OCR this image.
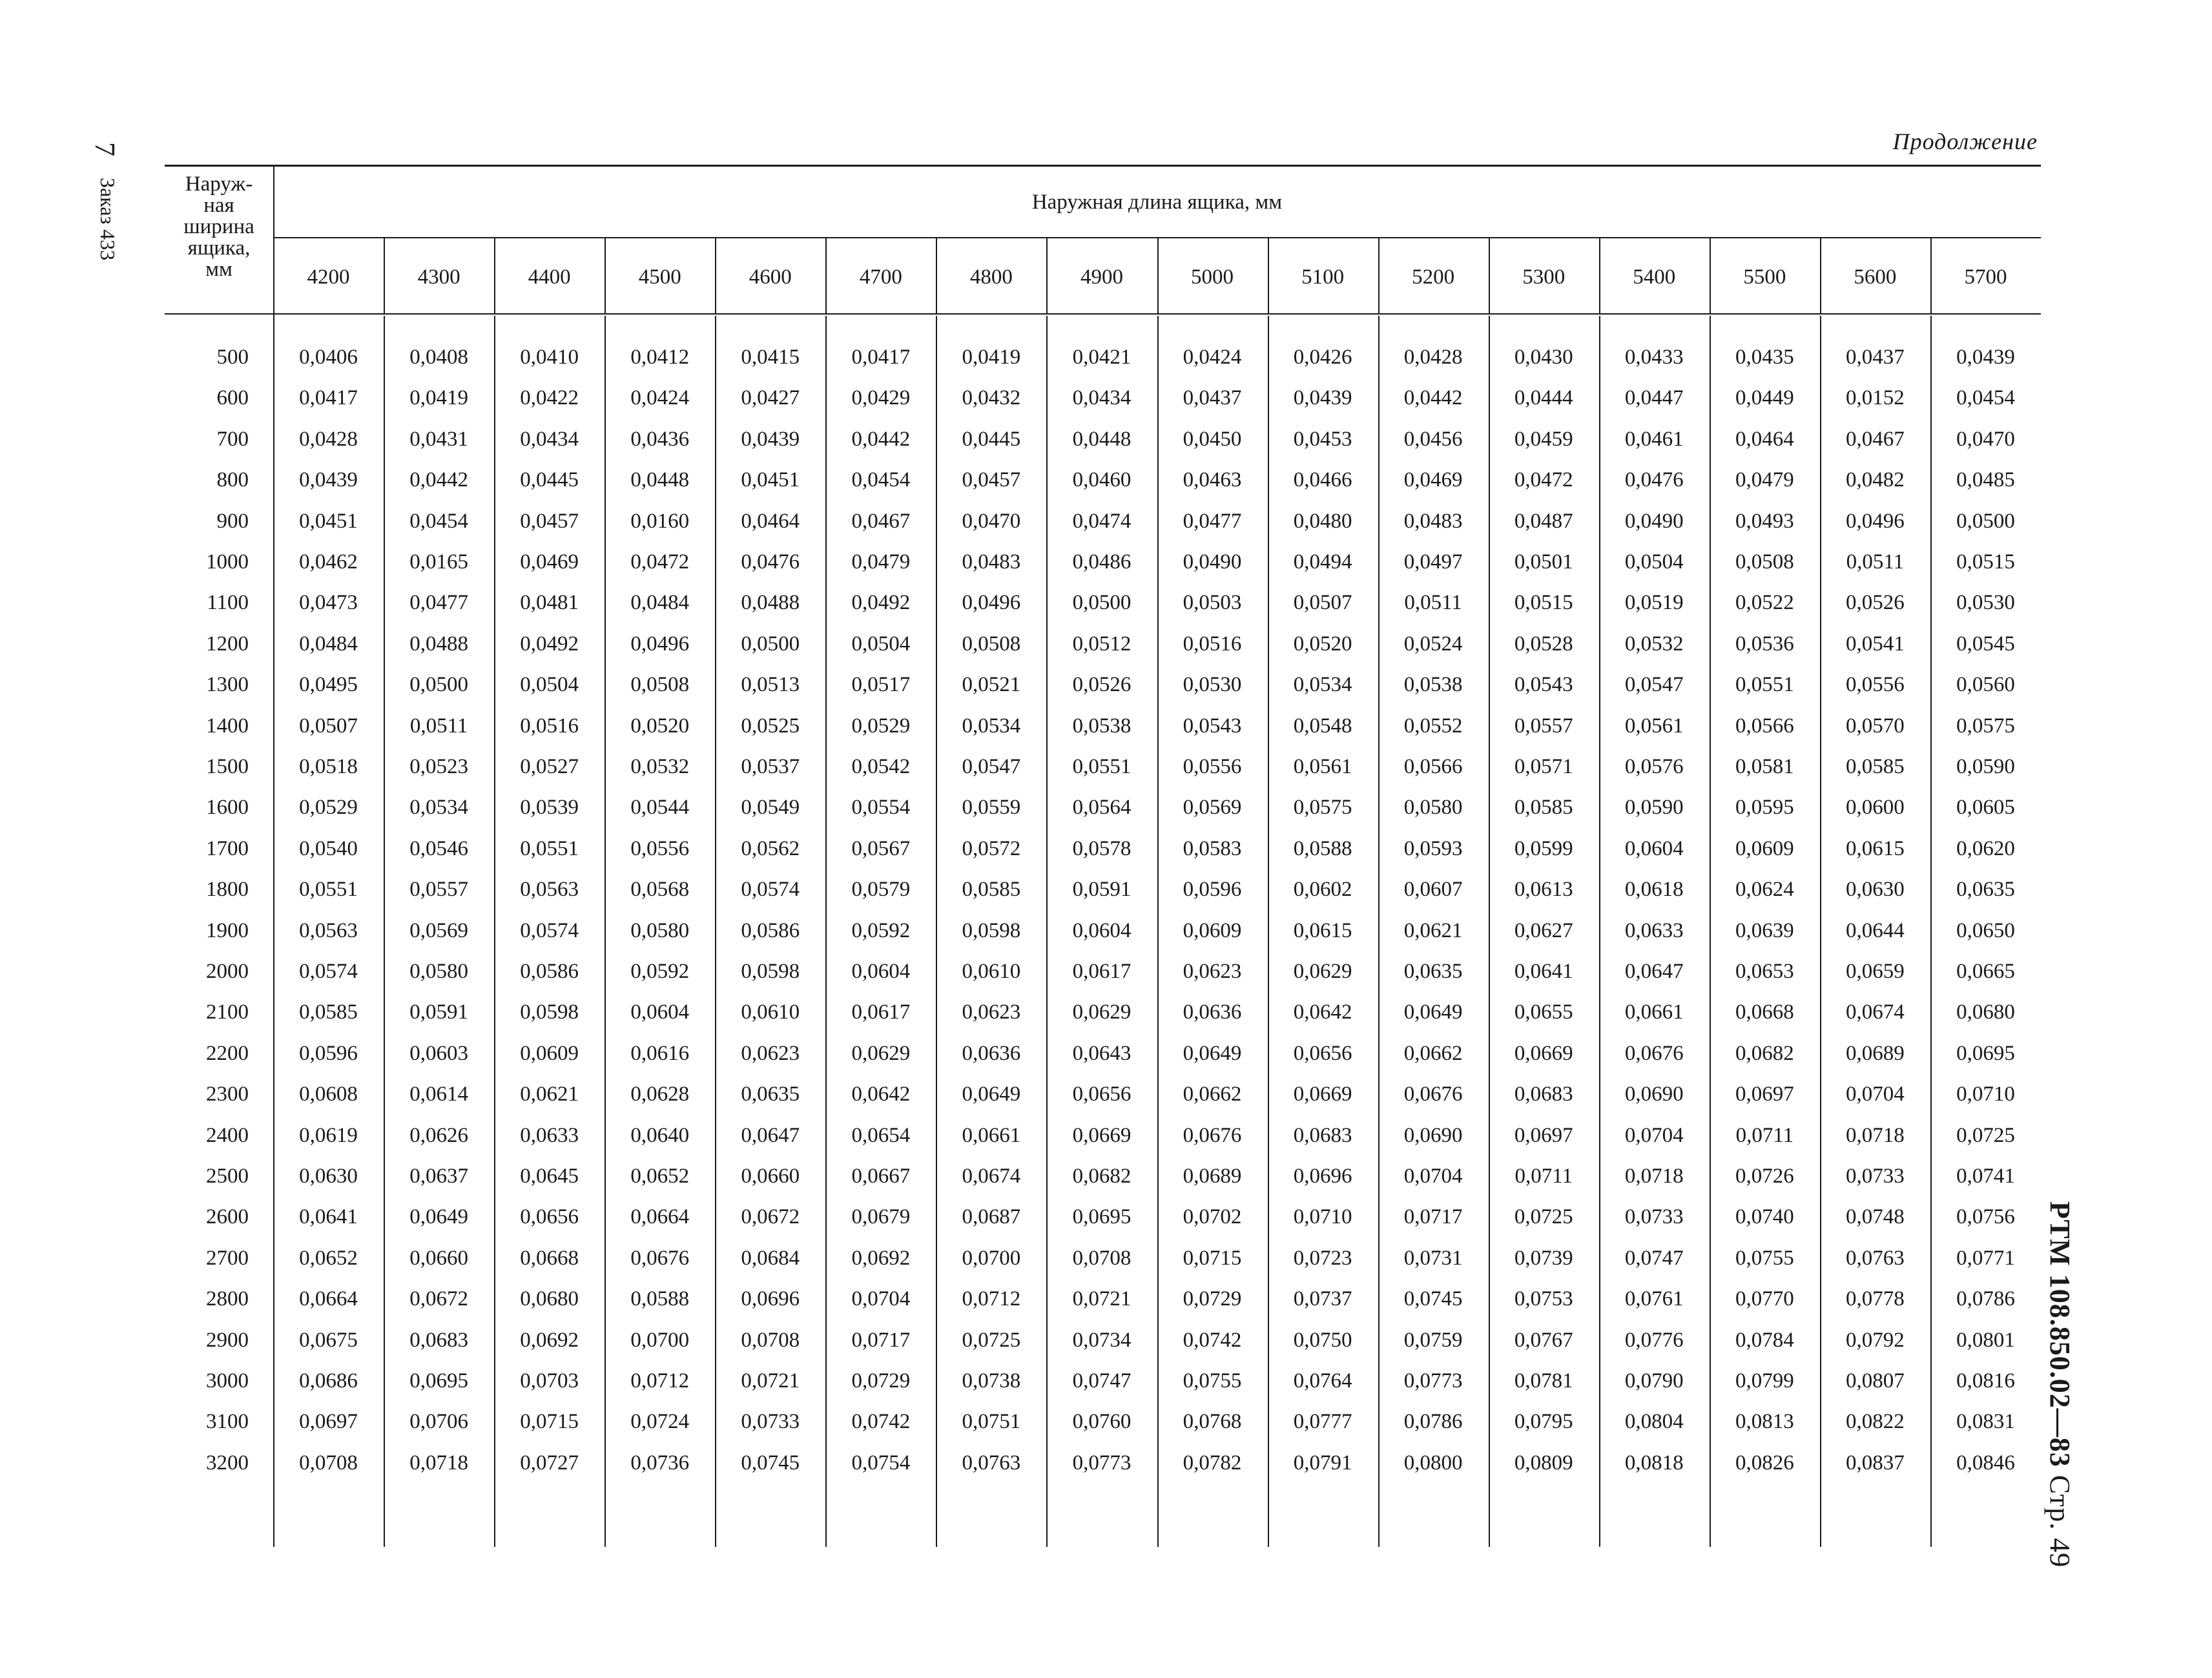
Продолжение
7
Заказ 433
РТМ 108.850.02—83 Стр. 49
Наруж-
ная
ширина
ящика,
мм
Наружная длина ящика, мм
4200	4300	4400	4500	4600	4700	4800	4900	5000	5100	5200	5300	5400	5500	5600	5700
500	0,0406	0,0408	0,0410	0,0412	0,0415	0,0417	0,0419	0,0421	0,0424	0,0426	0,0428	0,0430	0,0433	0,0435	0,0437	0,0439
600	0,0417	0,0419	0,0422	0,0424	0,0427	0,0429	0,0432	0,0434	0,0437	0,0439	0,0442	0,0444	0,0447	0,0449	0,0152	0,0454
700	0,0428	0,0431	0,0434	0,0436	0,0439	0,0442	0,0445	0,0448	0,0450	0,0453	0,0456	0,0459	0,0461	0,0464	0,0467	0,0470
800	0,0439	0,0442	0,0445	0,0448	0,0451	0,0454	0,0457	0,0460	0,0463	0,0466	0,0469	0,0472	0,0476	0,0479	0,0482	0,0485
900	0,0451	0,0454	0,0457	0,0160	0,0464	0,0467	0,0470	0,0474	0,0477	0,0480	0,0483	0,0487	0,0490	0,0493	0,0496	0,0500
1000	0,0462	0,0165	0,0469	0,0472	0,0476	0,0479	0,0483	0,0486	0,0490	0,0494	0,0497	0,0501	0,0504	0,0508	0,0511	0,0515
1100	0,0473	0,0477	0,0481	0,0484	0,0488	0,0492	0,0496	0,0500	0,0503	0,0507	0,0511	0,0515	0,0519	0,0522	0,0526	0,0530
1200	0,0484	0,0488	0,0492	0,0496	0,0500	0,0504	0,0508	0,0512	0,0516	0,0520	0,0524	0,0528	0,0532	0,0536	0,0541	0,0545
1300	0,0495	0,0500	0,0504	0,0508	0,0513	0,0517	0,0521	0,0526	0,0530	0,0534	0,0538	0,0543	0,0547	0,0551	0,0556	0,0560
1400	0,0507	0,0511	0,0516	0,0520	0,0525	0,0529	0,0534	0,0538	0,0543	0,0548	0,0552	0,0557	0,0561	0,0566	0,0570	0,0575
1500	0,0518	0,0523	0,0527	0,0532	0,0537	0,0542	0,0547	0,0551	0,0556	0,0561	0,0566	0,0571	0,0576	0,0581	0,0585	0,0590
1600	0,0529	0,0534	0,0539	0,0544	0,0549	0,0554	0,0559	0,0564	0,0569	0,0575	0,0580	0,0585	0,0590	0,0595	0,0600	0,0605
1700	0,0540	0,0546	0,0551	0,0556	0,0562	0,0567	0,0572	0,0578	0,0583	0,0588	0,0593	0,0599	0,0604	0,0609	0,0615	0,0620
1800	0,0551	0,0557	0,0563	0,0568	0,0574	0,0579	0,0585	0,0591	0,0596	0,0602	0,0607	0,0613	0,0618	0,0624	0,0630	0,0635
1900	0,0563	0,0569	0,0574	0,0580	0,0586	0,0592	0,0598	0,0604	0,0609	0,0615	0,0621	0,0627	0,0633	0,0639	0,0644	0,0650
2000	0,0574	0,0580	0,0586	0,0592	0,0598	0,0604	0,0610	0,0617	0,0623	0,0629	0,0635	0,0641	0,0647	0,0653	0,0659	0,0665
2100	0,0585	0,0591	0,0598	0,0604	0,0610	0,0617	0,0623	0,0629	0,0636	0,0642	0,0649	0,0655	0,0661	0,0668	0,0674	0,0680
2200	0,0596	0,0603	0,0609	0,0616	0,0623	0,0629	0,0636	0,0643	0,0649	0,0656	0,0662	0,0669	0,0676	0,0682	0,0689	0,0695
2300	0,0608	0,0614	0,0621	0,0628	0,0635	0,0642	0,0649	0,0656	0,0662	0,0669	0,0676	0,0683	0,0690	0,0697	0,0704	0,0710
2400	0,0619	0,0626	0,0633	0,0640	0,0647	0,0654	0,0661	0,0669	0,0676	0,0683	0,0690	0,0697	0,0704	0,0711	0,0718	0,0725
2500	0,0630	0,0637	0,0645	0,0652	0,0660	0,0667	0,0674	0,0682	0,0689	0,0696	0,0704	0,0711	0,0718	0,0726	0,0733	0,0741
2600	0,0641	0,0649	0,0656	0,0664	0,0672	0,0679	0,0687	0,0695	0,0702	0,0710	0,0717	0,0725	0,0733	0,0740	0,0748	0,0756
2700	0,0652	0,0660	0,0668	0,0676	0,0684	0,0692	0,0700	0,0708	0,0715	0,0723	0,0731	0,0739	0,0747	0,0755	0,0763	0,0771
2800	0,0664	0,0672	0,0680	0,0588	0,0696	0,0704	0,0712	0,0721	0,0729	0,0737	0,0745	0,0753	0,0761	0,0770	0,0778	0,0786
2900	0,0675	0,0683	0,0692	0,0700	0,0708	0,0717	0,0725	0,0734	0,0742	0,0750	0,0759	0,0767	0,0776	0,0784	0,0792	0,0801
3000	0,0686	0,0695	0,0703	0,0712	0,0721	0,0729	0,0738	0,0747	0,0755	0,0764	0,0773	0,0781	0,0790	0,0799	0,0807	0,0816
3100	0,0697	0,0706	0,0715	0,0724	0,0733	0,0742	0,0751	0,0760	0,0768	0,0777	0,0786	0,0795	0,0804	0,0813	0,0822	0,0831
3200	0,0708	0,0718	0,0727	0,0736	0,0745	0,0754	0,0763	0,0773	0,0782	0,0791	0,0800	0,0809	0,0818	0,0826	0,0837	0,0846
